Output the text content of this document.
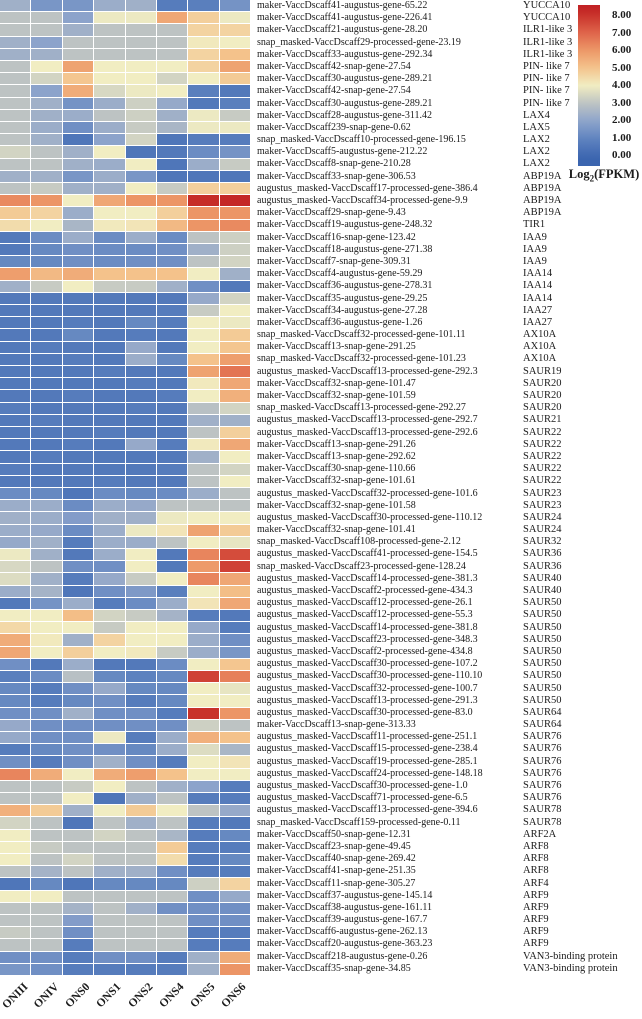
maker-VaccDscaff41-augustus-gene-65.22
maker-VaccDscaff41-augustus-gene-226.41
maker-VaccDscaff21-augustus-gene-28.20
snap_masked-VaccDscaff29-processed-gene-23.19
maker-VaccDscaff33-augustus-gene-292.34
maker-VaccDscaff42-snap-gene-27.54
maker-VaccDscaff30-augustus-gene-289.21
maker-VaccDscaff42-snap-gene-27.54
maker-VaccDscaff30-augustus-gene-289.21
maker-VaccDscaff28-augustus-gene-311.42
maker-VaccDscaff239-snap-gene-0.62
snap_masked-VaccDscaff10-processed-gene-196.15
maker-VaccDscaff5-augustus-gene-212.22
maker-VaccDscaff8-snap-gene-210.28
maker-VaccDscaff33-snap-gene-306.53
augustus_masked-VaccDscaff17-processed-gene-386.4
augustus_masked-VaccDscaff34-processed-gene-9.9
maker-VaccDscaff29-snap-gene-9.43
maker-VaccDscaff19-augustus-gene-248.32
maker-VaccDscaff16-snap-gene-123.42
maker-VaccDscaff18-augustus-gene-271.38
maker-VaccDscaff7-snap-gene-309.31
maker-VaccDscaff4-augustus-gene-59.29
maker-VaccDscaff36-augustus-gene-278.31
maker-VaccDscaff35-augustus-gene-29.25
maker-VaccDscaff34-augustus-gene-27.28
maker-VaccDscaff36-augustus-gene-1.26
snap_masked-VaccDscaff32-processed-gene-101.11
maker-VaccDscaff13-snap-gene-291.25
snap_masked-VaccDscaff32-processed-gene-101.23
augustus_masked-VaccDscaff13-processed-gene-292.3
maker-VaccDscaff32-snap-gene-101.47
maker-VaccDscaff32-snap-gene-101.59
snap_masked-VaccDscaff13-processed-gene-292.27
augustus_masked-VaccDscaff13-processed-gene-292.7
augustus_masked-VaccDscaff13-processed-gene-292.6
maker-VaccDscaff13-snap-gene-291.26
maker-VaccDscaff13-snap-gene-292.62
maker-VaccDscaff30-snap-gene-110.66
maker-VaccDscaff32-snap-gene-101.61
augustus_masked-VaccDscaff32-processed-gene-101.6
maker-VaccDscaff32-snap-gene-101.58
augustus_masked-VaccDscaff30-processed-gene-110.12
maker-VaccDscaff32-snap-gene-101.41
snap_masked-VaccDscaff108-processed-gene-2.12
augustus_masked-VaccDscaff41-processed-gene-154.5
snap_masked-VaccDscaff23-processed-gene-128.24
augustus_masked-VaccDscaff14-processed-gene-381.3
augustus_masked-VaccDscaff2-processed-gene-434.3
augustus_masked-VaccDscaff12-processed-gene-26.1
augustus_masked-VaccDscaff12-processed-gene-55.3
augustus_masked-VaccDscaff14-processed-gene-381.8
augustus_masked-VaccDscaff23-processed-gene-348.3
augustus_masked-VaccDscaff2-processed-gene-434.8
augustus_masked-VaccDscaff30-processed-gene-107.2
augustus_masked-VaccDscaff30-processed-gene-110.10
augustus_masked-VaccDscaff32-processed-gene-100.7
augustus_masked-VaccDscaff13-processed-gene-291.3
augustus_masked-VaccDscaff30-processed-gene-83.0
maker-VaccDscaff13-snap-gene-313.33
augustus_masked-VaccDscaff11-processed-gene-251.1
augustus_masked-VaccDscaff15-processed-gene-238.4
augustus_masked-VaccDscaff19-processed-gene-285.1
augustus_masked-VaccDscaff24-processed-gene-148.18
augustus_masked-VaccDscaff30-processed-gene-1.0
augustus_masked-VaccDscaff71-processed-gene-6.5
augustus_masked-VaccDscaff13-processed-gene-394.6
snap_masked-VaccDscaff159-processed-gene-0.11
maker-VaccDscaff50-snap-gene-12.31
maker-VaccDscaff23-snap-gene-49.45
maker-VaccDscaff40-snap-gene-269.42
maker-VaccDscaff41-snap-gene-251.35
maker-VaccDscaff11-snap-gene-305.27
maker-VaccDscaff37-augustus-gene-145.14
maker-VaccDscaff38-augustus-gene-161.11
maker-VaccDscaff39-augustus-gene-167.7
maker-VaccDscaff6-augustus-gene-262.13
maker-VaccDscaff20-augustus-gene-363.23
maker-VaccDscaff218-augustus-gene-0.26
maker-VaccDscaff35-snap-gene-34.85
YUCCA10
YUCCA10
ILR1-like 3
ILR1-like 3
ILR1-like 3
PIN- like 7
PIN- like 7
PIN- like 7
PIN- like 7
LAX4
LAX5
LAX2
LAX2
LAX2
ABP19A
ABP19A
ABP19A
ABP19A
TIR1
IAA9
IAA9
IAA9
IAA14
IAA14
IAA14
IAA27
IAA27
AX10A
AX10A
AX10A
SAUR19
SAUR20
SAUR20
SAUR20
SAUR21
SAUR22
SAUR22
SAUR22
SAUR22
SAUR22
SAUR23
SAUR23
SAUR24
SAUR24
SAUR32
SAUR36
SAUR36
SAUR40
SAUR40
SAUR50
SAUR50
SAUR50
SAUR50
SAUR50
SAUR50
SAUR50
SAUR50
SAUR50
SAUR64
SAUR64
SAUR76
SAUR76
SAUR76
SAUR76
SAUR76
SAUR76
SAUR78
SAUR78
ARF2A
ARF8
ARF8
ARF8
ARF4
ARF9
ARF9
ARF9
ARF9
ARF9
VAN3-binding protein
VAN3-binding protein
ONIII ONIV ONS0 ONS1 ONS2 ONS4 ONS5 ONS6
8.00
7.00
6.00
5.00
4.00
3.00
2.00
1.00
0.00
Log$_2$(FPKM)
